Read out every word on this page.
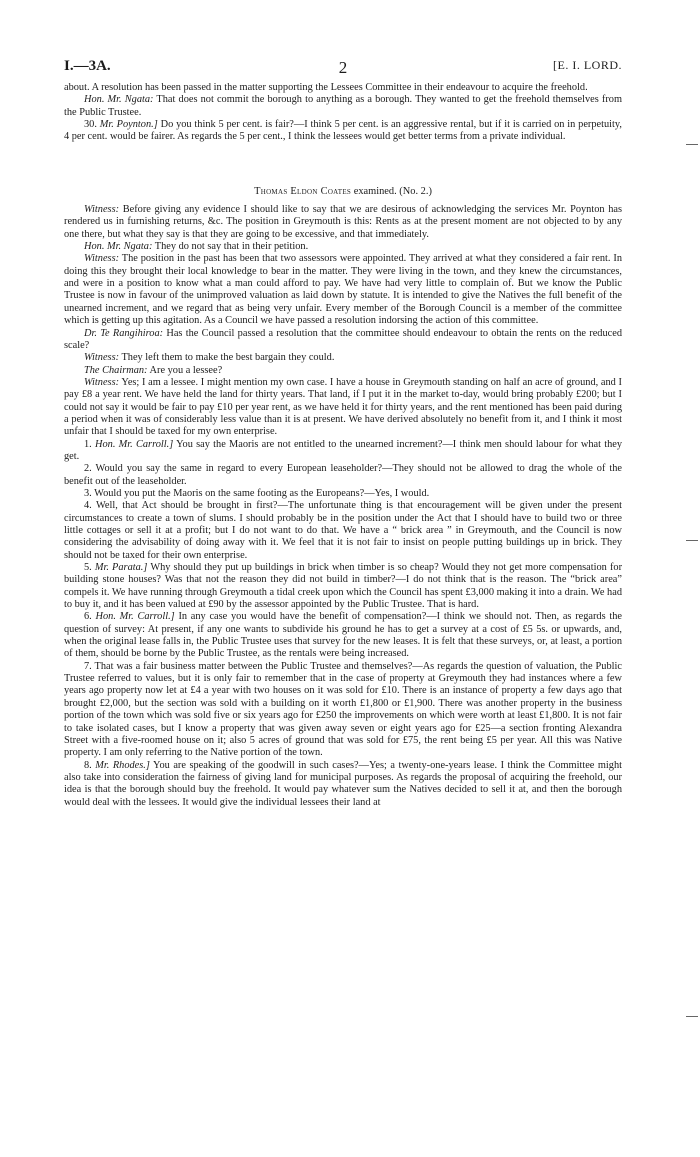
I.—3A.	2	[E. I. LORD.

about. A resolution has been passed in the matter supporting the Lessees Committee in their endeavour to acquire the freehold.

Hon. Mr. Ngata: That does not commit the borough to anything as a borough. They wanted to get the freehold themselves from the Public Trustee.

30. Mr. Poynton.] Do you think 5 per cent. is fair?—I think 5 per cent. is an aggressive rental, but if it is carried on in perpetuity, 4 per cent. would be fairer. As regards the 5 per cent., I think the lessees would get better terms from a private individual.

Thomas Eldon Coates examined. (No. 2.)

Witness: Before giving any evidence I should like to say that we are desirous of acknowledging the services Mr. Poynton has rendered us in furnishing returns, &c. The position in Greymouth is this: Rents as at the present moment are not objected to by any one there, but what they say is that they are going to be excessive, and that immediately.

Hon. Mr. Ngata: They do not say that in their petition.

Witness: The position in the past has been that two assessors were appointed. They arrived at what they considered a fair rent. In doing this they brought their local knowledge to bear in the matter. They were living in the town, and they knew the circumstances, and were in a position to know what a man could afford to pay. We have had very little to complain of. But we know the Public Trustee is now in favour of the unimproved valuation as laid down by statute. It is intended to give the Natives the full benefit of the unearned increment, and we regard that as being very unfair. Every member of the Borough Council is a member of the committee which is getting up this agitation. As a Council we have passed a resolution indorsing the action of this committee.

Dr. Te Rangihiroa: Has the Council passed a resolution that the committee should endeavour to obtain the rents on the reduced scale?

Witness: They left them to make the best bargain they could.

The Chairman: Are you a lessee?

Witness: Yes; I am a lessee. I might mention my own case. I have a house in Greymouth standing on half an acre of ground, and I pay £8 a year rent. We have held the land for thirty years. That land, if I put it in the market to-day, would bring probably £200; but I could not say it would be fair to pay £10 per year rent, as we have held it for thirty years, and the rent mentioned has been paid during a period when it was of considerably less value than it is at present. We have derived absolutely no benefit from it, and I think it most unfair that I should be taxed for my own enterprise.

1. Hon. Mr. Carroll.] You say the Maoris are not entitled to the unearned increment?—I think men should labour for what they get.

2. Would you say the same in regard to every European leaseholder?—They should not be allowed to drag the whole of the benefit out of the leaseholder.

3. Would you put the Maoris on the same footing as the Europeans?—Yes, I would.

4. Well, that Act should be brought in first?—The unfortunate thing is that encouragement will be given under the present circumstances to create a town of slums. I should probably be in the position under the Act that I should have to build two or three little cottages or sell it at a profit; but I do not want to do that. We have a “ brick area ” in Greymouth, and the Council is now considering the advisability of doing away with it. We feel that it is not fair to insist on people putting buildings up in brick. They should not be taxed for their own enterprise.

5. Mr. Parata.] Why should they put up buildings in brick when timber is so cheap? Would they not get more compensation for building stone houses? Was that not the reason they did not build in timber?—I do not think that is the reason. The “brick area” compels it. We have running through Greymouth a tidal creek upon which the Council has spent £3,000 making it into a drain. We had to buy it, and it has been valued at £90 by the assessor appointed by the Public Trustee. That is hard.

6. Hon. Mr. Carroll.] In any case you would have the benefit of compensation?—I think we should not. Then, as regards the question of survey: At present, if any one wants to subdivide his ground he has to get a survey at a cost of £5 5s. or upwards, and, when the original lease falls in, the Public Trustee uses that survey for the new leases. It is felt that these surveys, or, at least, a portion of them, should be borne by the Public Trustee, as the rentals were being increased.

7. That was a fair business matter between the Public Trustee and themselves?—As regards the question of valuation, the Public Trustee referred to values, but it is only fair to remember that in the case of property at Greymouth they had instances where a few years ago property now let at £4 a year with two houses on it was sold for £10. There is an instance of property a few days ago that brought £2,000, but the section was sold with a building on it worth £1,800 or £1,900. There was another property in the business portion of the town which was sold five or six years ago for £250 the improvements on which were worth at least £1,800. It is not fair to take isolated cases, but I know a property that was given away seven or eight years ago for £25—a section fronting Alexandra Street with a five-roomed house on it; also 5 acres of ground that was sold for £75, the rent being £5 per year. All this was Native property. I am only referring to the Native portion of the town.

8. Mr. Rhodes.] You are speaking of the goodwill in such cases?—Yes; a twenty-one-years lease. I think the Committee might also take into consideration the fairness of giving land for municipal purposes. As regards the proposal of acquiring the freehold, our idea is that the borough should buy the freehold. It would pay whatever sum the Natives decided to sell it at, and then the borough would deal with the lessees. It would give the individual lessees their land at
